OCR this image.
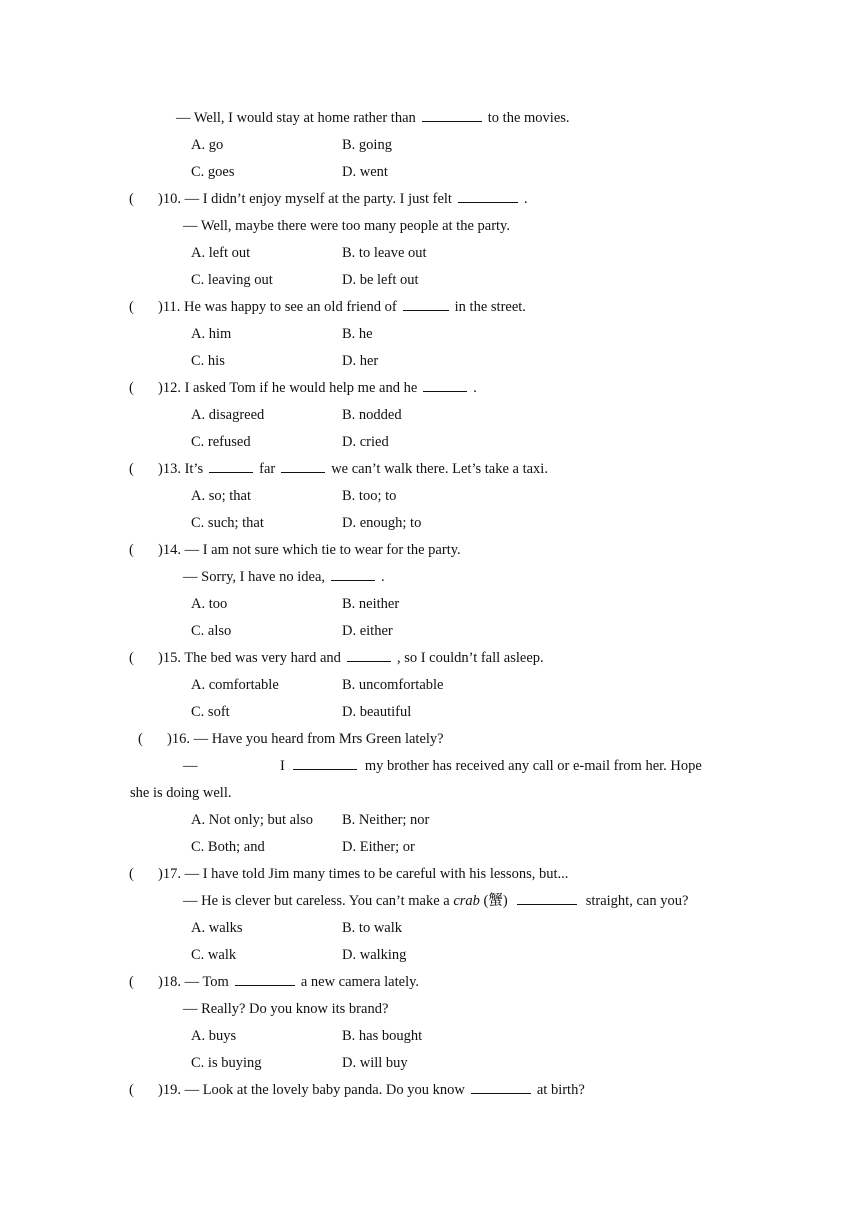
— Well, I would stay at home rather than	to the movies.
A. go	B. going
C. goes	D. went
( )10. — I didn’t enjoy myself at the party. I just felt	.
— Well, maybe there were too many people at the party.
A. left out	B. to leave out
C. leaving out	D. be left out
( )11. He was happy to see an old friend of	in the street.
A. him	B. he
C. his	D. her
( )12. I asked Tom if he would help me and he	.
A. disagreed	B. nodded
C. refused	D. cried
( )13. It’s	far	we can’t walk there. Let’s take a taxi.
A. so; that	B. too; to
C. such; that	D. enough; to
( )14. — I am not sure which tie to wear for the party.
— Sorry, I have no idea,	.
A. too	B. neither
C. also	D. either
( )15. The bed was very hard and	, so I couldn’t fall asleep.
A. comfortable	B. uncomfortable
C. soft	D. beautiful
( )16. — Have you heard from Mrs Green lately?
—	I	my brother has received any call or e-mail from her. Hope
she is doing well.
A. Not only; but also B. Neither; nor
C. Both; and	D. Either; or
( )17. — I have told Jim many times to be careful with his lessons, but...
— He is clever but careless. You can’t make a crab (蟹)	straight, can you?
A. walks	B. to walk
C. walk	D. walking
( )18. — Tom	a new camera lately.
— Really? Do you know its brand?
A. buys	B. has bought
C. is buying	D. will buy
( )19. — Look at the lovely baby panda. Do you know	at birth?
